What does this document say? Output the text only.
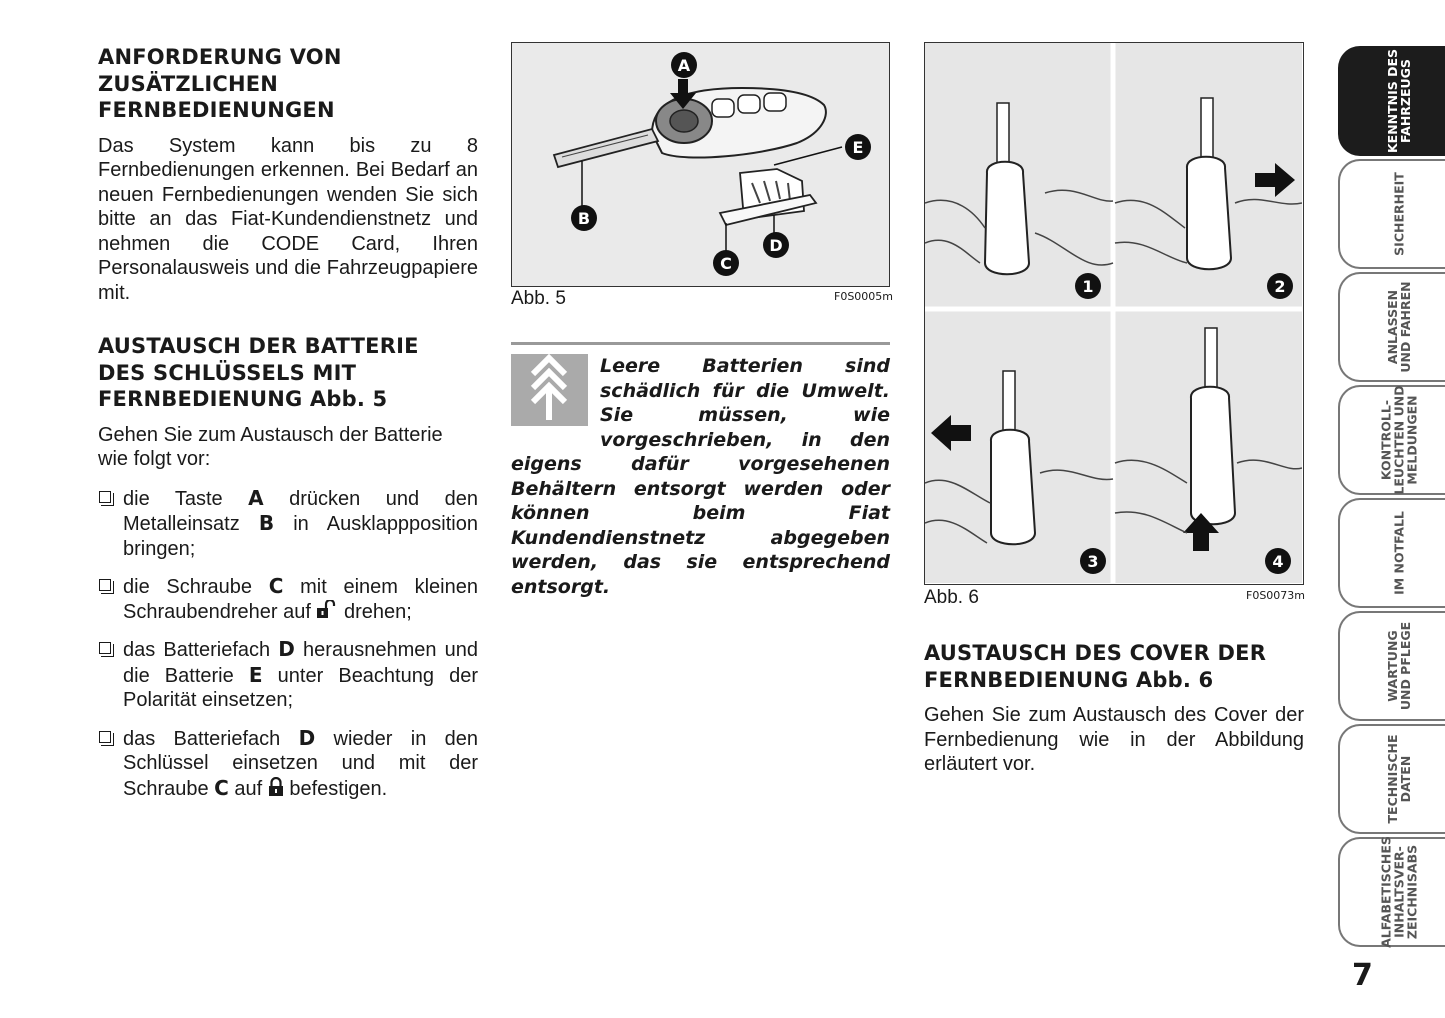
ANFORDERUNG VON
ZUSÄTZLICHEN
FERNBEDIENUNGEN

Das System kann bis zu 8 Fernbedienungen erkennen. Bei Bedarf an neuen Fernbedienungen wenden Sie sich bitte an das Fiat-Kundendienstnetz und nehmen die CODE Card, Ihren Personalausweis und die Fahrzeugpapiere mit.

AUSTAUSCH DER BATTERIE
DES SCHLÜSSELS MIT
FERNBEDIENUNG Abb. 5

Gehen Sie zum Austausch der Batterie wie folgt vor:

die Taste A drücken und den Metalleinsatz B in Ausklappposition bringen;
die Schraube C mit einem kleinen Schraubendreher auf  drehen;
das Batteriefach D herausnehmen und die Batterie E unter Beachtung der Polarität einsetzen;
das Batteriefach D wieder in den Schlüssel einsetzen und mit der Schraube C auf  befestigen.
A
B
C
D
E
Abb. 5	F0S0005m
Leere Batterien sind schädlich für die Umwelt. Sie müssen, wie vorgeschrieben, in den eigens dafür vorgesehenen Behältern entsorgt werden oder können beim Fiat Kundendienstnetz abgegeben werden, das sie entsprechend entsorgt.
1	2
3	4
Abb. 6	F0S0073m
AUSTAUSCH DES COVER DER
FERNBEDIENUNG Abb. 6

Gehen Sie zum Austausch des Cover der Fernbedienung wie in der Abbildung erläutert vor.

KENNTNIS DES
FAHRZEUGS
SICHERHEIT
ANLASSEN
UND FAHREN
KONTROLL-
LEUCHTEN UND
MELDUNGEN
IM NOTFALL
WARTUNG
UND PFLEGE
TECHNISCHE
DATEN
ALFABETISCHES
INHALTSVER-
ZEICHNISABS
7
